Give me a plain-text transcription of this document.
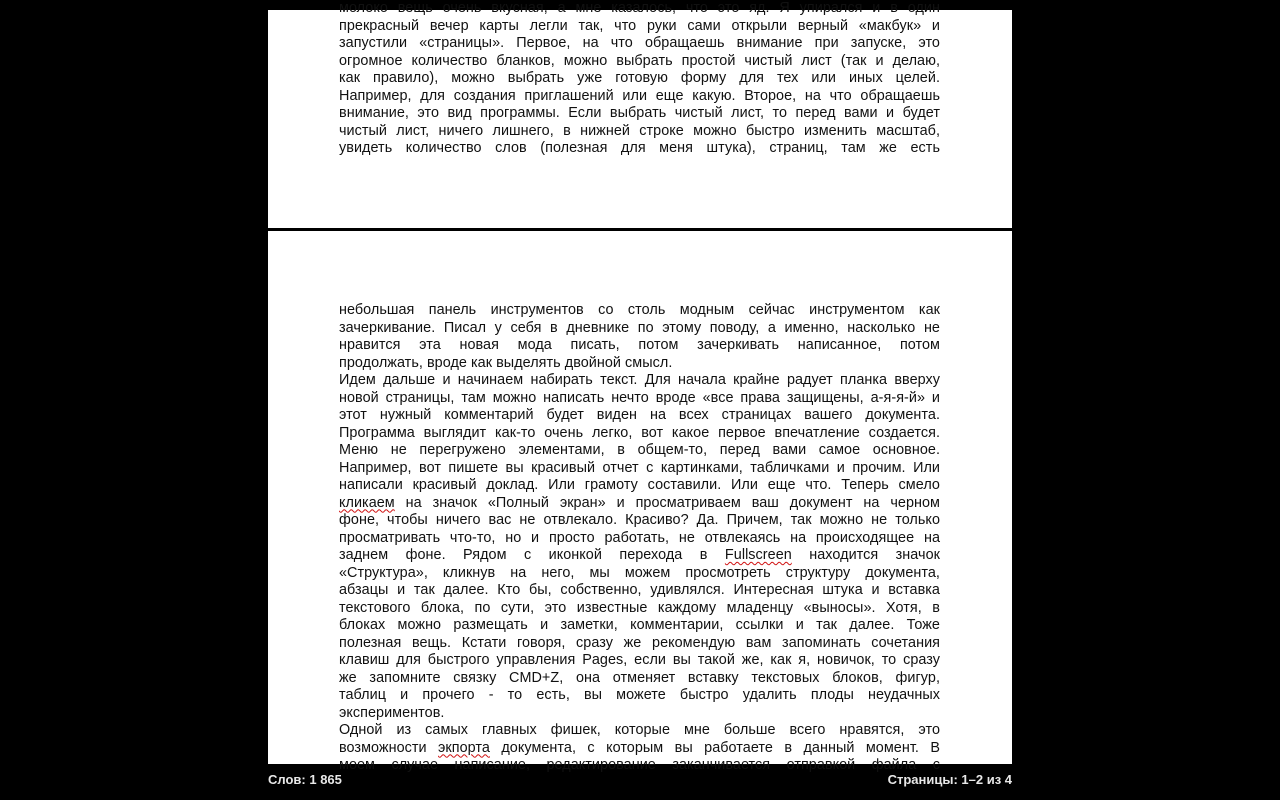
молоко вещь очень вкусная, а мне казалось, что это яд. Я упирался и в один
прекрасный вечер карты легли так, что руки сами открыли верный «макбук» и
запустили «страницы». Первое, на что обращаешь внимание при запуске, это
огромное количество бланков, можно выбрать простой чистый лист (так и делаю,
как правило), можно выбрать уже готовую форму для тех или иных целей.
Например, для создания приглашений или еще какую. Второе, на что обращаешь
внимание, это вид программы. Если выбрать чистый лист, то перед вами и будет
чистый лист, ничего лишнего, в нижней строке можно быстро изменить масштаб,
увидеть количество слов (полезная для меня штука), страниц, там же есть
небольшая панель инструментов со столь модным сейчас инструментом как
зачеркивание. Писал у себя в дневнике по этому поводу, а именно, насколько не
нравится эта новая мода писать, потом зачеркивать написанное, потом
продолжать, вроде как выделять двойной смысл.
Идем дальше и начинаем набирать текст. Для начала крайне радует планка вверху
новой страницы, там можно написать нечто вроде «все права защищены, а-я-я-й» и
этот нужный комментарий будет виден на всех страницах вашего документа.
Программа выглядит как-то очень легко, вот какое первое впечатление создается.
Меню не перегружено элементами, в общем-то, перед вами самое основное.
Например, вот пишете вы красивый отчет с картинками, табличками и прочим. Или
написали красивый доклад. Или грамоту составили. Или еще что. Теперь смело
кликаем на значок «Полный экран» и просматриваем ваш документ на черном
фоне, чтобы ничего вас не отвлекало. Красиво? Да. Причем, так можно не только
просматривать что-то, но и просто работать, не отвлекаясь на происходящее на
заднем фоне. Рядом с иконкой перехода в Fullscreen находится значок
«Структура», кликнув на него, мы можем просмотреть структуру документа,
абзацы и так далее. Кто бы, собственно, удивлялся. Интересная штука и вставка
текстового блока, по сути, это известные каждому младенцу «выносы». Хотя, в
блоках можно размещать и заметки, комментарии, ссылки и так далее. Тоже
полезная вещь. Кстати говоря, сразу же рекомендую вам запоминать сочетания
клавиш для быстрого управления Pages, если вы такой же, как я, новичок, то сразу
же запомните связку CMD+Z, она отменяет вставку текстовых блоков, фигур,
таблиц и прочего - то есть, вы можете быстро удалить плоды неудачных
экспериментов.
Одной из самых главных фишек, которые мне больше всего нравятся, это
возможности экпорта документа, с которым вы работаете в данный момент. В
моем случае написание, редактирование заканчивается отправкой файла с
Слов: 1 865	Страницы: 1–2 из 4
